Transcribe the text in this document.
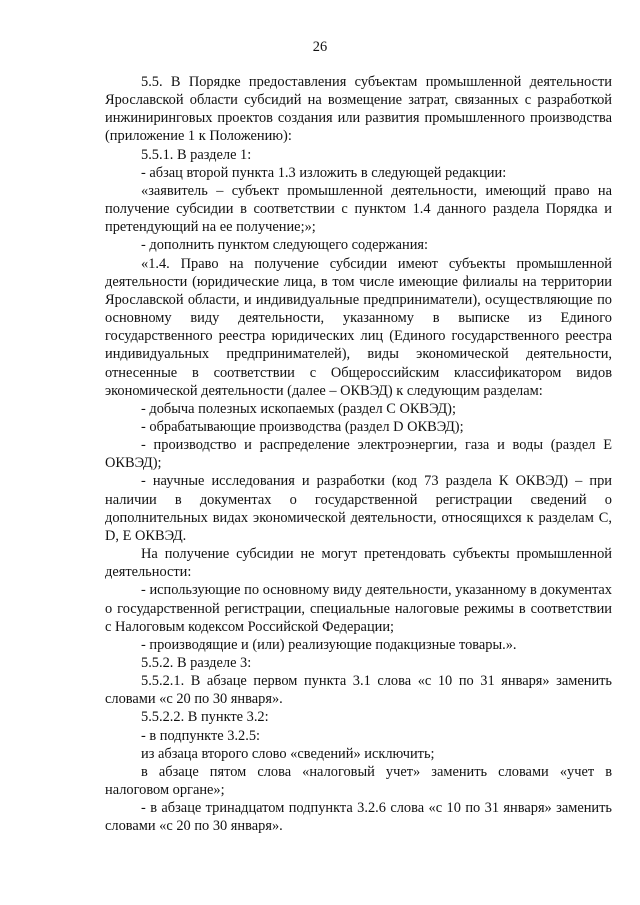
26

5.5. В Порядке предоставления субъектам промышленной деятельности Ярославской области субсидий на возмещение затрат, связанных с разработкой инжиниринговых проектов создания или развития промышленного производства (приложение 1 к Положению):

5.5.1. В разделе 1:

- абзац второй пункта 1.3 изложить в следующей редакции:

«заявитель – субъект промышленной деятельности, имеющий право на получение субсидии в соответствии с пунктом 1.4 данного раздела Порядка и претендующий на ее получение;»;

- дополнить пунктом следующего содержания:

«1.4. Право на получение субсидии имеют субъекты промышленной деятельности (юридические лица, в том числе имеющие филиалы на территории Ярославской области, и индивидуальные предприниматели), осуществляющие по основному виду деятельности, указанному в выписке из Единого государственного реестра юридических лиц (Единого государственного реестра индивидуальных предпринимателей), виды экономической деятельности, отнесенные в соответствии с Общероссийским классификатором видов экономической деятельности (далее – ОКВЭД) к следующим разделам:

- добыча полезных ископаемых (раздел С ОКВЭД);

- обрабатывающие производства (раздел D ОКВЭД);

- производство и распределение электроэнергии, газа и воды (раздел E ОКВЭД);

- научные исследования и разработки (код 73 раздела К ОКВЭД) – при наличии в документах о государственной регистрации сведений о дополнительных видах экономической деятельности, относящихся к разделам C, D, E ОКВЭД.

На получение субсидии не могут претендовать субъекты промышленной деятельности:

- использующие по основному виду деятельности, указанному в документах о государственной регистрации, специальные налоговые режимы в соответствии с Налоговым кодексом Российской Федерации;

- производящие и (или) реализующие подакцизные товары.».

5.5.2. В разделе 3:

5.5.2.1. В абзаце первом пункта 3.1 слова «с 10 по 31 января» заменить словами «с 20 по 30 января».

5.5.2.2. В пункте 3.2:

- в подпункте 3.2.5:

из абзаца второго слово «сведений» исключить;

в абзаце пятом слова «налоговый учет» заменить словами «учет в налоговом органе»;

- в абзаце тринадцатом подпункта 3.2.6 слова «с 10 по 31 января» заменить словами «с 20 по 30 января».
